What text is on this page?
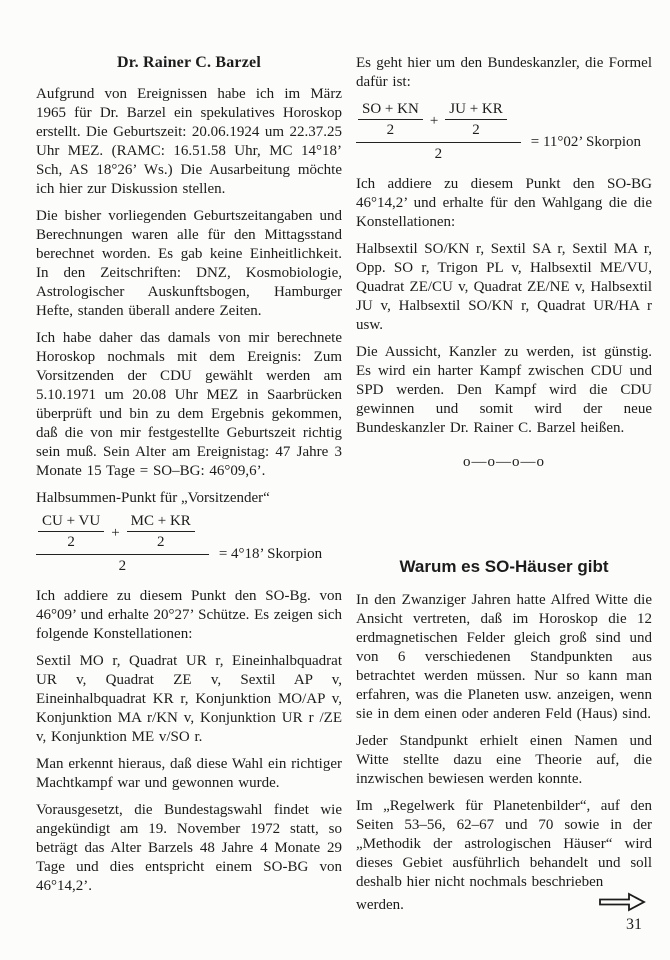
Dr. Rainer C. Barzel

Aufgrund von Ereignissen habe ich im März 1965 für Dr. Barzel ein spekulatives Horoskop erstellt. Die Geburtszeit: 20.06.1924 um 22.37.25 Uhr MEZ. (RAMC: 16.51.58 Uhr, MC 14°18’ Sch, AS 18°26’ Ws.) Die Ausarbeitung möchte ich hier zur Diskussion stellen.

Die bisher vorliegenden Geburtszeitangaben und Berechnungen waren alle für den Mittagsstand berechnet worden. Es gab keine Einheitlichkeit. In den Zeitschriften: DNZ, Kosmobiologie, Astrologischer Auskunftsbogen, Hamburger Hefte, standen überall andere Zeiten.

Ich habe daher das damals von mir berechnete Horoskop nochmals mit dem Ereignis: Zum Vorsitzenden der CDU gewählt werden am 5.10.1971 um 20.08 Uhr MEZ in Saarbrücken überprüft und bin zu dem Ergebnis gekommen, daß die von mir festgestellte Geburtszeit richtig sein muß. Sein Alter am Ereignistag: 47 Jahre 3 Monate 15 Tage = SO–BG: 46°09,6’.

Halbsummen-Punkt für „Vorsitzender“
CU + VU
2
+ $\frac{MC + KR}{2}$
2
= 4°18’ Skorpion

Ich addiere zu diesem Punkt den SO-Bg. von 46°09’ und erhalte 20°27’ Schütze. Es zeigen sich folgende Konstellationen:

Sextil MO r, Quadrat UR r, Eineinhalbquadrat UR v, Quadrat ZE v, Sextil AP v, Eineinhalbquadrat KR r, Konjunktion MO/AP v, Konjunktion MA r/KN v, Konjunktion UR r /ZE v, Konjunktion ME v/SO r.

Man erkennt hieraus, daß diese Wahl ein richtiger Machtkampf war und gewonnen wurde.

Vorausgesetzt, die Bundestagswahl findet wie angekündigt am 19. November 1972 statt, so beträgt das Alter Barzels 48 Jahre 4 Monate 29 Tage und dies entspricht einem SO-BG von 46°14,2’.

Es geht hier um den Bundeskanzler, die Formel dafür ist:

SO + KN
2
+ $\frac{JU + KR}{2}$
2
= 11°02’ Skorpion

Ich addiere zu diesem Punkt den SO-BG 46°14,2’ und erhalte für den Wahlgang die die Konstellationen:

Halbsextil SO/KN r, Sextil SA r, Sextil MA r, Opp. SO r, Trigon PL v, Halbsextil ME/VU, Quadrat ZE/CU v, Quadrat ZE/NE v, Halbsextil JU v, Halbsextil SO/KN r, Quadrat UR/HA r usw.

Die Aussicht, Kanzler zu werden, ist günstig. Es wird ein harter Kampf zwischen CDU und SPD werden. Den Kampf wird die CDU gewinnen und somit wird der neue Bundeskanzler Dr. Rainer C. Barzel heißen.

o—o—o—o
Warum es SO-Häuser gibt

In den Zwanziger Jahren hatte Alfred Witte die Ansicht vertreten, daß im Horoskop die 12 erdmagnetischen Felder gleich groß sind und von 6 verschiedenen Standpunkten aus betrachtet werden müssen. Nur so kann man erfahren, was die Planeten usw. anzeigen, wenn sie in dem einen oder anderen Feld (Haus) sind.

Jeder Standpunkt erhielt einen Namen und Witte stellte dazu eine Theorie auf, die inzwischen bewiesen werden konnte.

Im „Regelwerk für Planetenbilder“, auf den Seiten 53–56, 62–67 und 70 sowie in der „Methodik der astrologischen Häuser“ wird dieses Gebiet ausführlich behandelt und soll deshalb hier nicht nochmals beschrieben

werden.
31
